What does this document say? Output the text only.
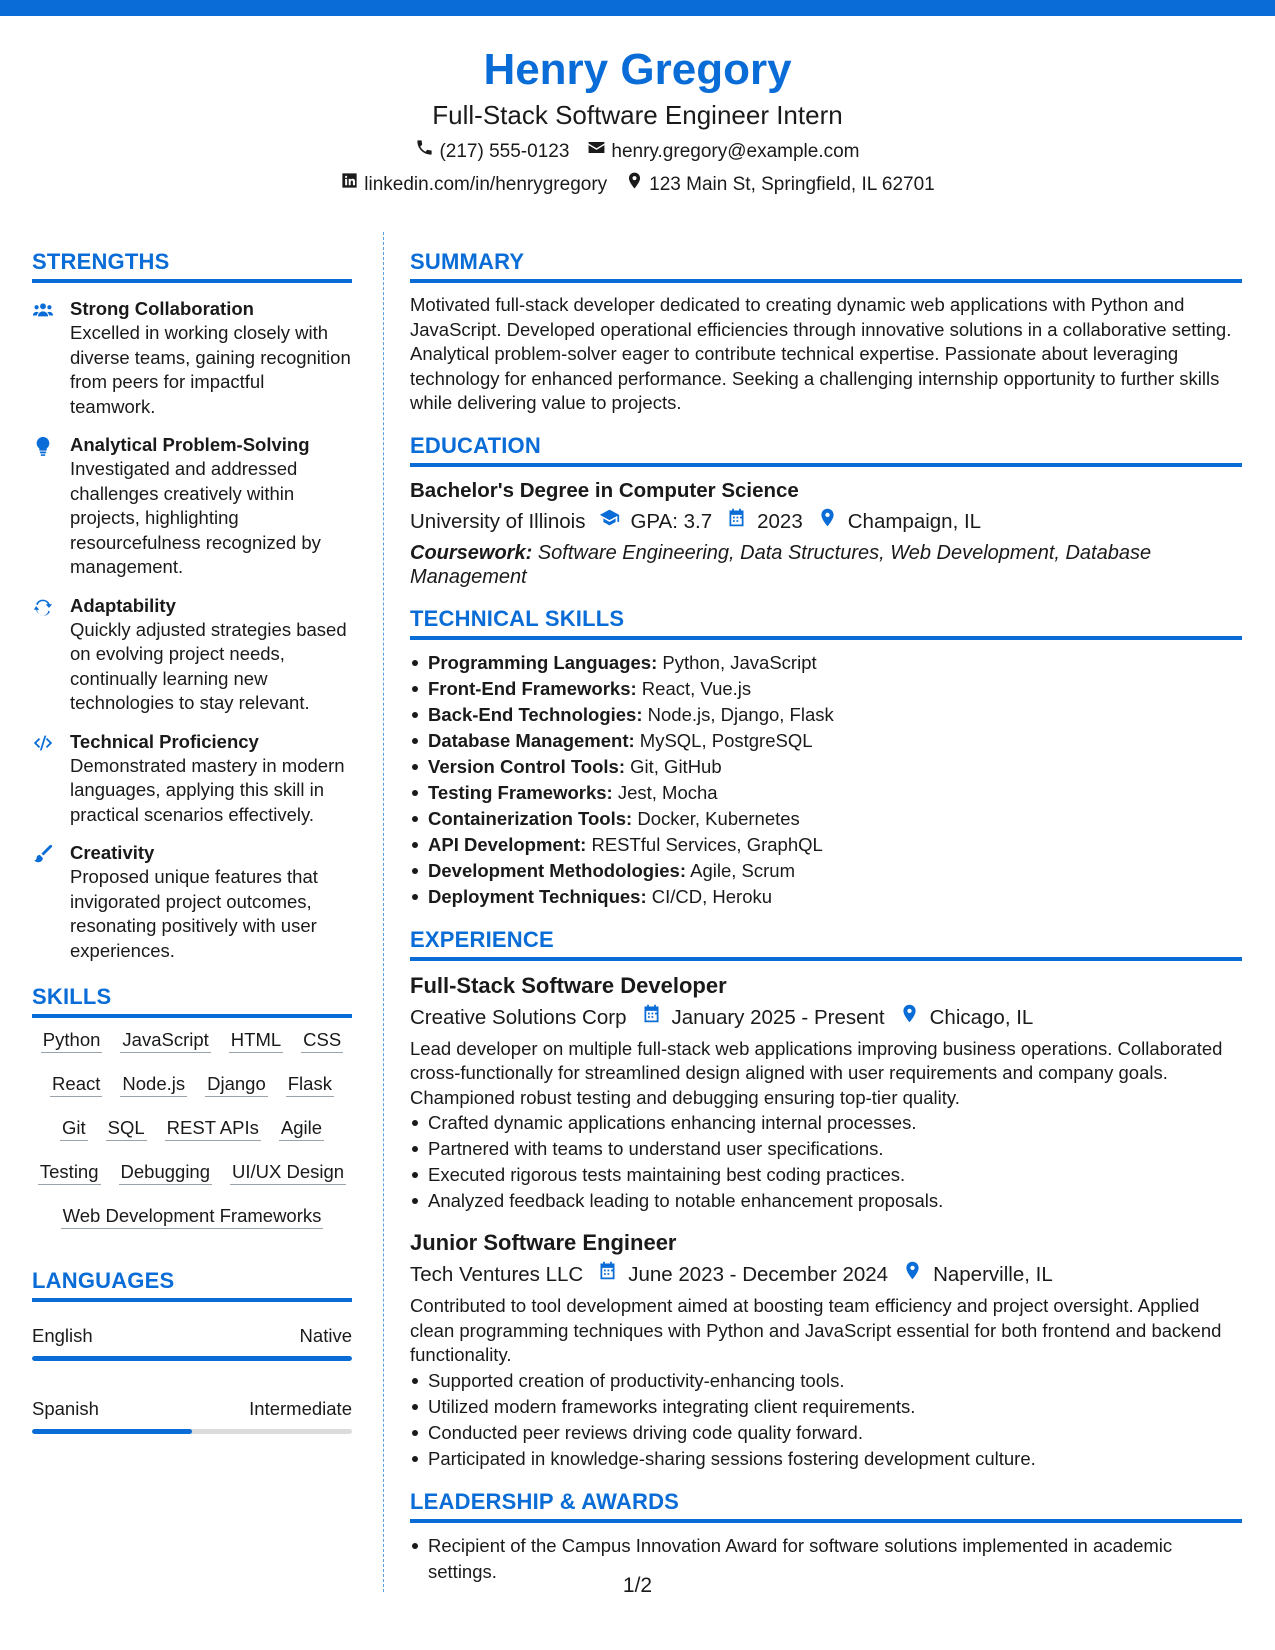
Henry Gregory
Full-Stack Software Engineer Intern
(217) 555-0123 henry.gregory@example.com
linkedin.com/in/henrygregory 123 Main St, Springfield, IL 62701
STRENGTHS
Strong Collaboration
Excelled in working closely with diverse teams, gaining recognition from peers for impactful teamwork.
Analytical Problem-Solving
Investigated and addressed challenges creatively within projects, highlighting resourcefulness recognized by management.
Adaptability
Quickly adjusted strategies based on evolving project needs, continually learning new technologies to stay relevant.
Technical Proficiency
Demonstrated mastery in modern languages, applying this skill in practical scenarios effectively.
Creativity
Proposed unique features that invigorated project outcomes, resonating positively with user experiences.
SKILLS
Python JavaScript HTML CSS
React Node.js Django Flask
Git SQL REST APIs Agile
Testing Debugging UI/UX Design
Web Development Frameworks
LANGUAGES
English	Native
Spanish	Intermediate
SUMMARY
Motivated full-stack developer dedicated to creating dynamic web applications with Python and JavaScript. Developed operational efficiencies through innovative solutions in a collaborative setting. Analytical problem-solver eager to contribute technical expertise. Passionate about leveraging technology for enhanced performance. Seeking a challenging internship opportunity to further skills while delivering value to projects.
EDUCATION
Bachelor's Degree in Computer Science
University of Illinois GPA: 3.7 2023 Champaign, IL
Coursework: Software Engineering, Data Structures, Web Development, Database Management
TECHNICAL SKILLS
Programming Languages: Python, JavaScript
Front-End Frameworks: React, Vue.js
Back-End Technologies: Node.js, Django, Flask
Database Management: MySQL, PostgreSQL
Version Control Tools: Git, GitHub
Testing Frameworks: Jest, Mocha
Containerization Tools: Docker, Kubernetes
API Development: RESTful Services, GraphQL
Development Methodologies: Agile, Scrum
Deployment Techniques: CI/CD, Heroku
EXPERIENCE
Full-Stack Software Developer
Creative Solutions Corp January 2025 - Present Chicago, IL
Lead developer on multiple full-stack web applications improving business operations. Collaborated cross-functionally for streamlined design aligned with user requirements and company goals. Championed robust testing and debugging ensuring top-tier quality.
Crafted dynamic applications enhancing internal processes.
Partnered with teams to understand user specifications.
Executed rigorous tests maintaining best coding practices.
Analyzed feedback leading to notable enhancement proposals.
Junior Software Engineer
Tech Ventures LLC June 2023 - December 2024 Naperville, IL
Contributed to tool development aimed at boosting team efficiency and project oversight. Applied clean programming techniques with Python and JavaScript essential for both frontend and backend functionality.
Supported creation of productivity-enhancing tools.
Utilized modern frameworks integrating client requirements.
Conducted peer reviews driving code quality forward.
Participated in knowledge-sharing sessions fostering development culture.
LEADERSHIP & AWARDS
Recipient of the Campus Innovation Award for software solutions implemented in academic settings.
1/2
